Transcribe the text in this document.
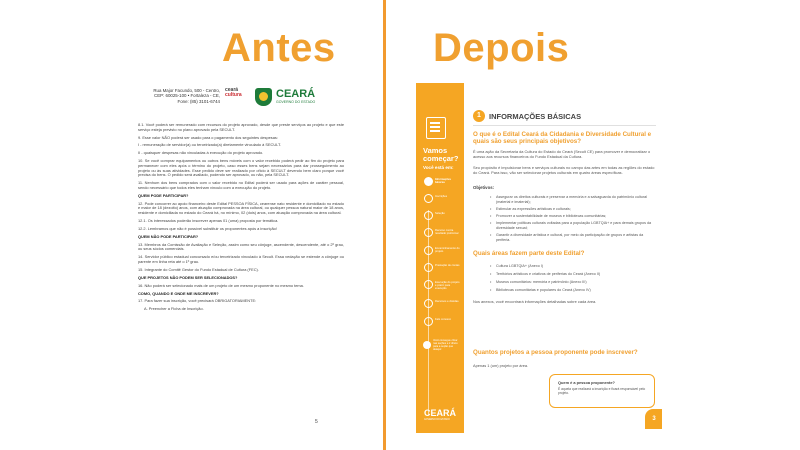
Antes Depois
Rua Major Facundo, 500 - Centro,
CEP: 60025-100 • Fortaleza - CE,
Fone: (85) 3101-6744
ceará
cultura	CEARÁ
GOVERNO DO ESTADO

8.1. Você poderá ser remunerado com recursos do projeto aprovado, desde que preste serviços ao projeto e que este serviço esteja previsto no plano aprovado pela SECULT.

9. Esse valor NÃO poderá ser usado para o pagamento dos seguintes despesas:

I - remuneração de servidor(a) ou terceirizado(a) diretamente vinculado à SECULT.

II - quaisquer despesas não vinculadas à execução do projeto aprovado.

10. Se você comprar equipamentos ou outros bens móveis com o valor recebido poderá pedir ao fim do projeto para permanecer com eles após o término do projeto, caso esses bens sejam necessários para dar prosseguimento ao projeto ou às suas atividades. Esse pedido deve ser realizado por ofício à SECULT devendo bem claro porque você precisa do bens. O pedido será avaliado, podendo ser aprovado, ou não, pela SECULT.

11. Nenhum dos bens comprados com o valor recebido no Edital poderá ser usado para ações de caráter pessoal, sendo necessário que todos eles tenham vínculo com a execução do projeto.

QUEM PODE PARTICIPAR?

12. Pode concorrer ao apoio financeiro deste Edital PESSOA FÍSICA, cearense nato residente e domiciliado no estado e maior de 18 (dezoito) anos, com atuação comprovada na área cultural, ou qualquer pessoa natural maior de 18 anos, residente e domiciliada no estado do Ceará há, no mínimo, 02 (dois) anos, com atuação comprovada na área cultural.

12.1. Os interessados poderão inscrever apenas 01 (uma) proposta por temática.

12.2. Lembramos que não é possível substituir os proponentes após a inscrição!

QUEM NÃO PODE PARTICIPAR?

13. Membros da Comissão de Avaliação e Seleção, assim como seu cônjuge, ascendente, descendente, até o 2º grau, ou seus sócios comerciais.

14. Servidor público estadual concursado e/ou terceirizado vinculado à Secult. Essa vedação se estende a cônjuge ou parente em linha reta até o 1º grau.

15. Integrante do Comitê Gestor do Fundo Estadual de Cultura (FEC).

QUE PROJETOS NÃO PODEM SER SELECIONADOS?

16. Não poderá ser selecionado mais de um projeto de um mesmo proponente no mesmo tema.

COMO, QUANDO E ONDE ME INSCREVER?

17. Para fazer sua inscrição, você precisará OBRIGATORIAMENTE:

A. Preencher a Ficha de Inscrição.

5
Vamos começar?
Você está em:
Informações básicas
Inscrições
Seleção
Recurso contra resultado preliminar
Encaminhamento do projeto
Prestação de contas
Execução do projeto e prazo para execução
Recursos e dúvidas
Fale conosco
Você consegue clicar nas seções e ir direto para a seção que deseja!
CEARÁ
GOVERNO DO ESTADO
1	INFORMAÇÕES BÁSICAS
O que é o Edital Ceará da Cidadania e Diversidade Cultural e quais são seus principais objetivos?
É uma ação da Secretaria da Cultura do Estado do Ceará (Secult CE) para promover e democratizar o acesso aos recursos financeiros do Fundo Estadual da Cultura.
Seu propósito é impulsionar bens e serviços culturais no campo das artes em todas as regiões do estado do Ceará. Para isso, vão ser selecionar projetos culturais em quatro áreas específicas.
Objetivos:
• Assegurar os direitos culturais e preservar a memória e a salvaguarda do patrimônio cultural (material e imaterial);
• Estimular as expressões artísticas e culturais;
• Promover a sustentabilidade de museus e bibliotecas comunitárias;
• Implementar políticas culturais voltadas para a população LGBTQIA+ e para demais grupos da diversidade sexual;
• Garantir a diversidade artística e cultural, por meio da participação de grupos e artistas da periferia.
Quais áreas fazem parte deste Edital?
• Cultura LGBTQIA+ (Anexo I)
• Territórios artísticos e criativos de periferias do Ceará (Anexo II)
• Museus comunitários: memória e patrimônio (Anexo III)
• Bibliotecas comunitárias e populares do Ceará (Anexo IV)
Nos anexos, você encontrará informações detalhadas sobre cada área.
Quantos projetos a pessoa proponente pode inscrever?
Apenas 1 (um) projeto por área.
Quem é a pessoa proponente?
É aquela que realizará a inscrição e ficará responsável pelo projeto.
3
